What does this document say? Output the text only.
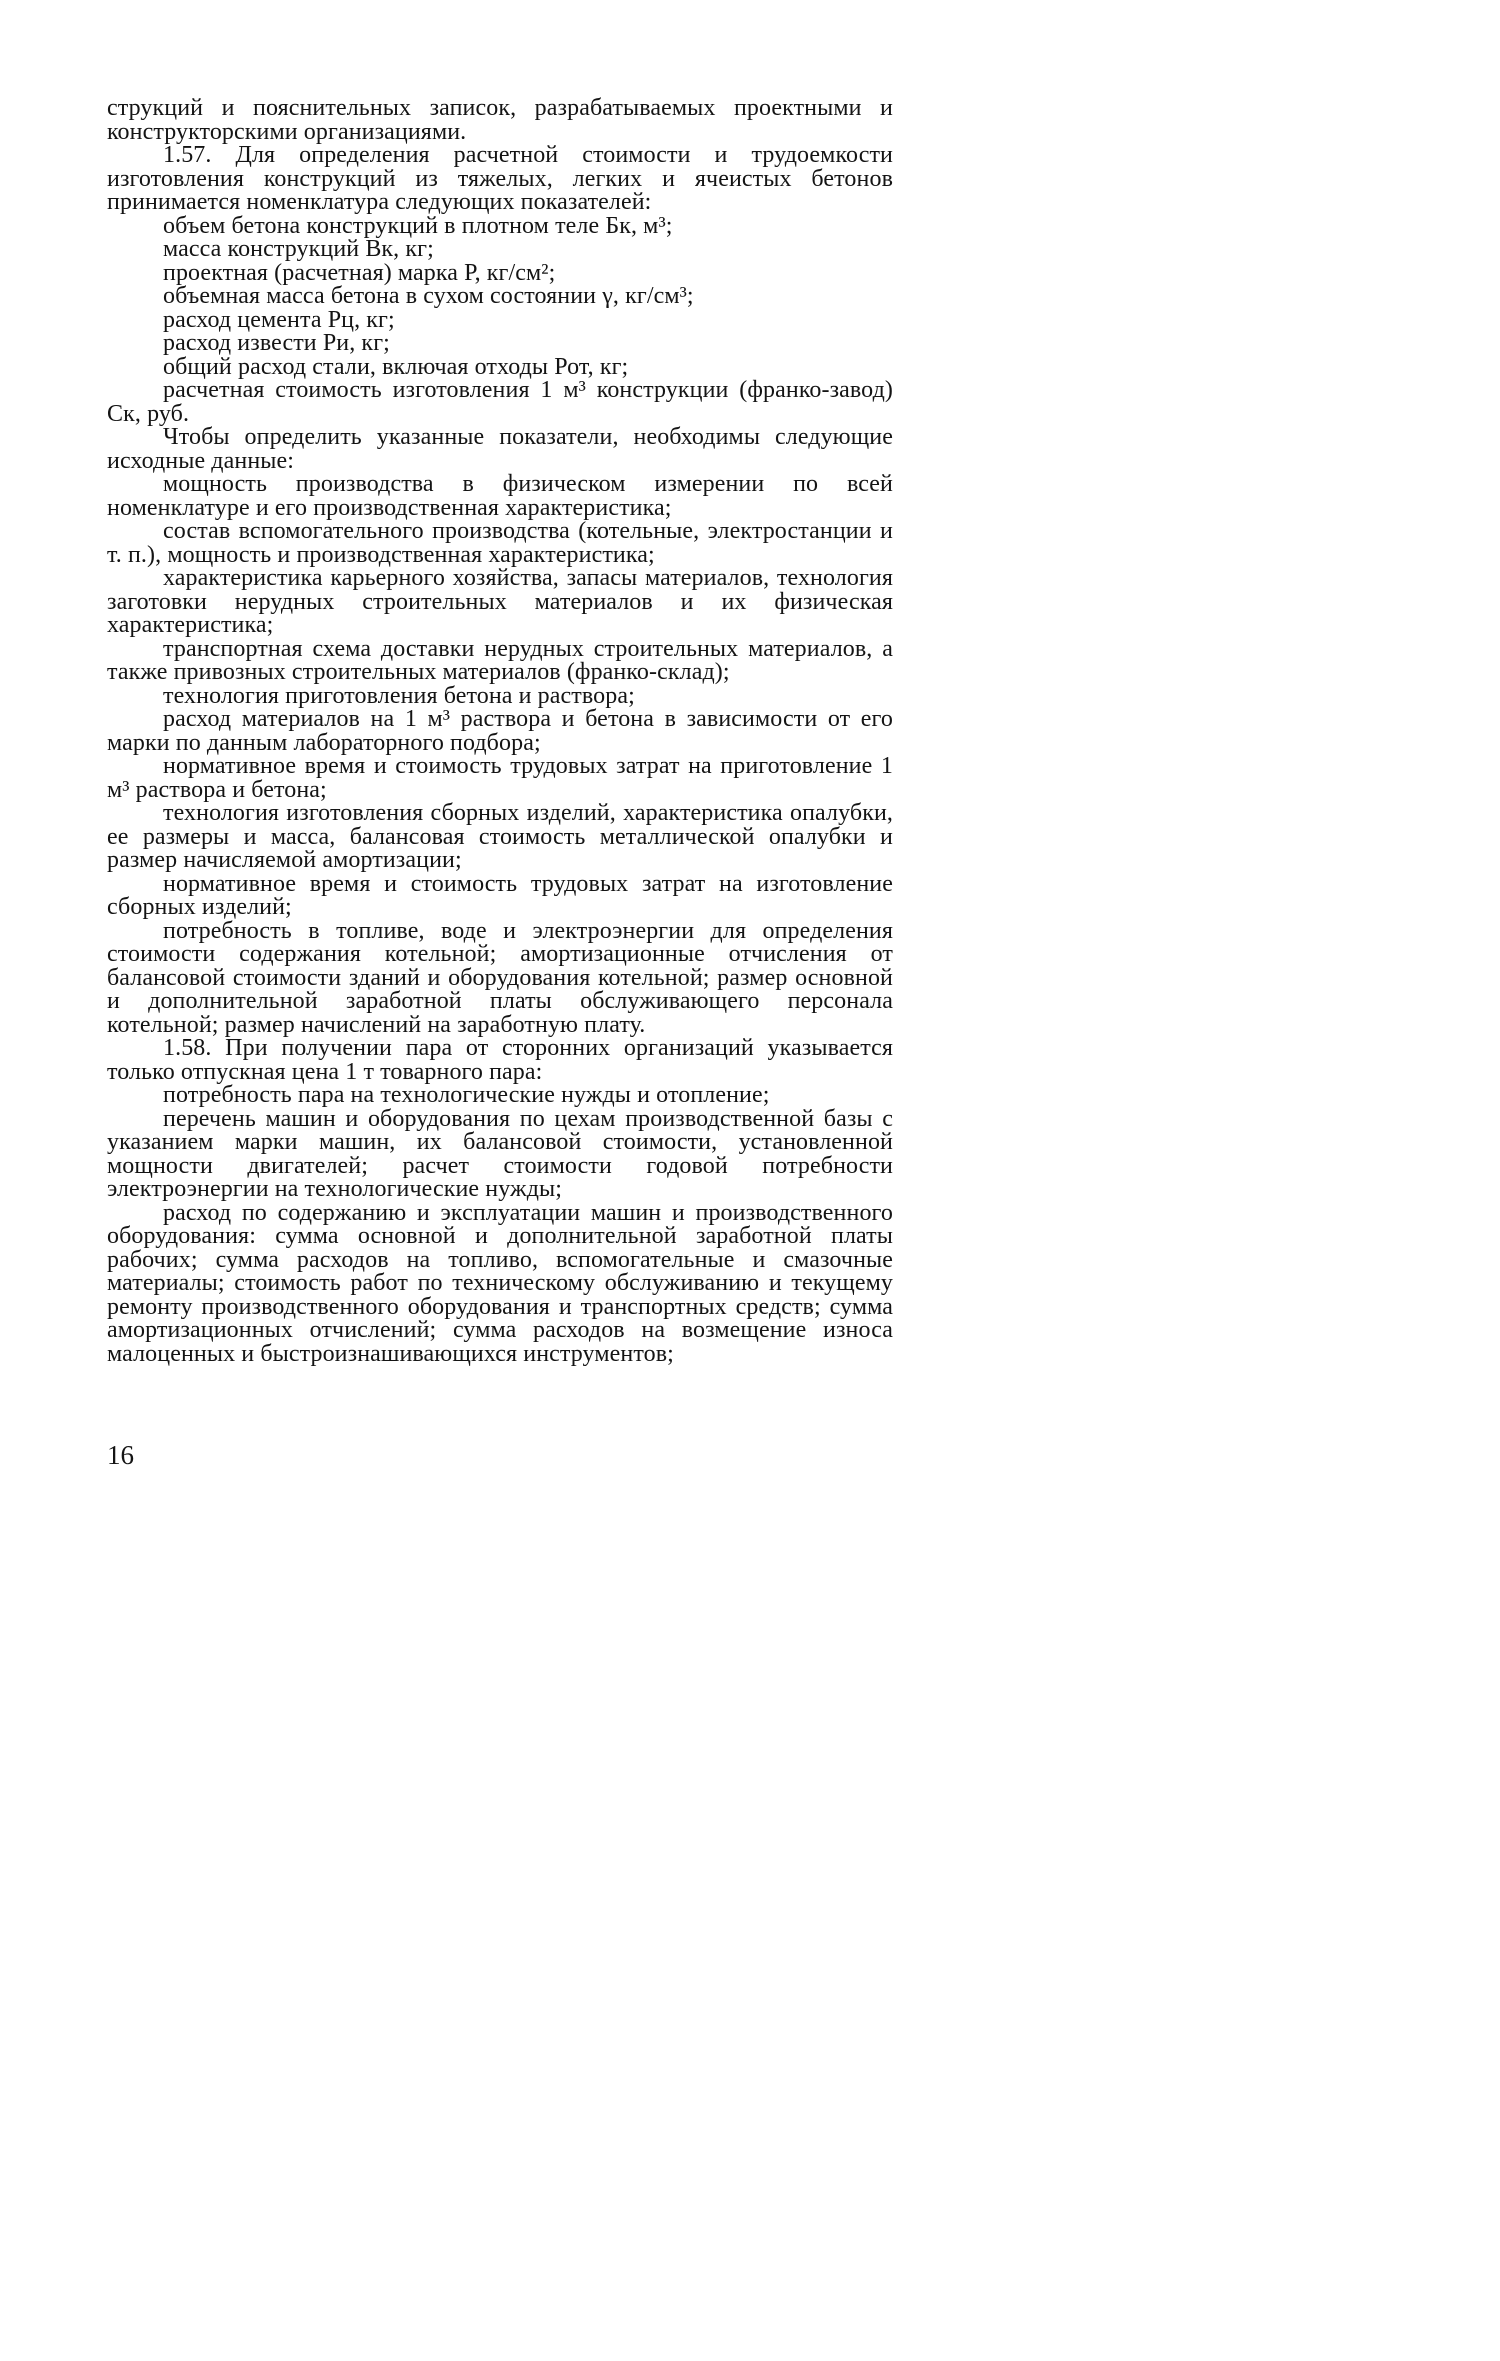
струкций и пояснительных записок, разрабатываемых проектными и конструкторскими организациями.

1.57. Для определения расчетной стоимости и трудоемкости изготовления конструкций из тяжелых, легких и ячеистых бетонов принимается номенклатура следующих показателей:

объем бетона конструкций в плотном теле Бк, м³;

масса конструкций Вк, кг;

проектная (расчетная) марка Р, кг/см²;

объемная масса бетона в сухом состоянии γ, кг/см³;

расход цемента Рц, кг;

расход извести Ри, кг;

общий расход стали, включая отходы Рот, кг;

расчетная стоимость изготовления 1 м³ конструкции (франко-завод) Ск, руб.

Чтобы определить указанные показатели, необходимы следующие исходные данные:

мощность производства в физическом измерении по всей номенклатуре и его производственная характеристика;

состав вспомогательного производства (котельные, электростанции и т. п.), мощность и производственная характеристика;

характеристика карьерного хозяйства, запасы материалов, технология заготовки нерудных строительных материалов и их физическая характеристика;

транспортная схема доставки нерудных строительных материалов, а также привозных строительных материалов (франко-склад);

технология приготовления бетона и раствора;

расход материалов на 1 м³ раствора и бетона в зависимости от его марки по данным лабораторного подбора;

нормативное время и стоимость трудовых затрат на приготовление 1 м³ раствора и бетона;

технология изготовления сборных изделий, характеристика опалубки, ее размеры и масса, балансовая стоимость металлической опалубки и размер начисляемой амортизации;

нормативное время и стоимость трудовых затрат на изготовление сборных изделий;

потребность в топливе, воде и электроэнергии для определения стоимости содержания котельной; амортизационные отчисления от балансовой стоимости зданий и оборудования котельной; размер основной и дополнительной заработной платы обслуживающего персонала котельной; размер начислений на заработную плату.

1.58. При получении пара от сторонних организаций указывается только отпускная цена 1 т товарного пара:

потребность пара на технологические нужды и отопление;

перечень машин и оборудования по цехам производственной базы с указанием марки машин, их балансовой стоимости, установленной мощности двигателей; расчет стоимости годовой потребности электроэнергии на технологические нужды;

расход по содержанию и эксплуатации машин и производственного оборудования: сумма основной и дополнительной заработной платы рабочих; сумма расходов на топливо, вспомогательные и смазочные материалы; стоимость работ по техническому обслуживанию и текущему ремонту производственного оборудования и транспортных средств; сумма амортизационных отчислений; сумма расходов на возмещение износа малоценных и быстроизнашивающихся инструментов;

16
